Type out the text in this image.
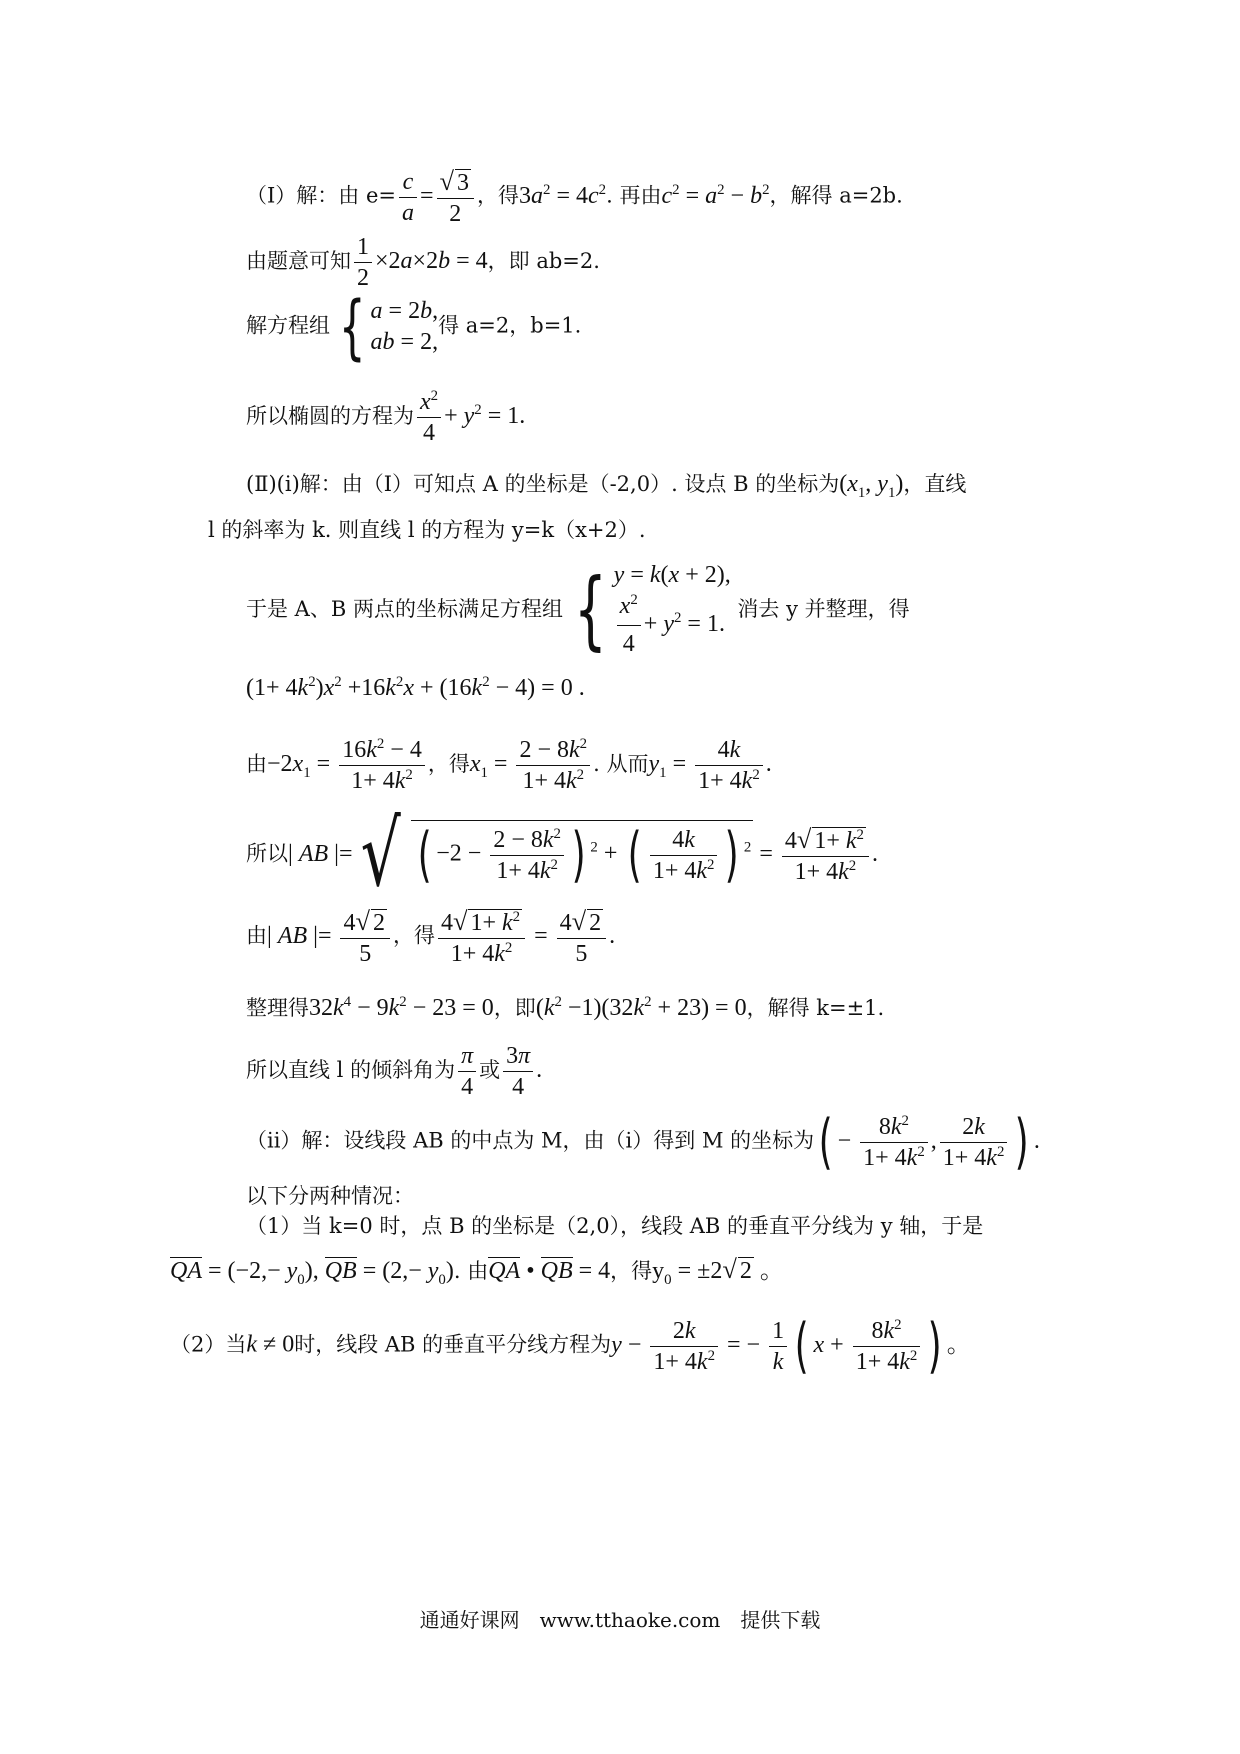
（Ⅰ）解：由 $e= \frac{c}{a} = \frac{√ 3}{2}$ ，得$3a^2 = 4c^2$. 再由$c^2 = a^2 - b^2$，解得 a=2b.
由题意可知 $\frac{1}{2} \times 2a\times 2b = 4$，即 ab=2.
解方程组 { a = 2b,
ab = 2,
得 a=2，b=1.
所以椭圆的方程为 $\frac{x^2}{4} + y^2 = 1$.
(Ⅱ)(i)解：由（Ⅰ）可知点 A 的坐标是（-2,0）. 设点 B 的坐标为($x_1$, $y_1$)，直线
l 的斜率为 k. 则直线 l 的方程为 y=k（x+2）.
于是 A、B 两点的坐标满足方程组 { y = k(x + 2),
$\frac{x^2}{4} + y^2 = 1$.
消去 y 并整理，得
$(1+ 4k^2)x^2 +16k^2x + (16k^2 - 4) = 0$ .
由$-2x_1 = \frac{16k^2 - 4}{1+ 4k^2}$ ，得$x_1 = \frac{2 - 8k^2}{1+ 4k^2}$ . 从而$y_1 = \frac{4k}{1+ 4k^2}$ .
所以| AB |=√ ( $-2 - \frac{2 - 8k^2}{1+ 4k^2}$ ) $^2$ + ( $\frac{4k}{1+ 4k^2}$ ) $^2 = \frac{4√ 1+ k^2}{1+ 4k^2}$ .
由| AB |= $\frac{4√ 2}{5}$ ，得 $\frac{4√ 1+ k^2}{1+ 4k^2} = \frac{4√ 2}{5}$ .
整理得$32k^4 - 9k^2 - 23 = 0$，即$(k^2 -1)(32k^2 + 23) = 0$，解得 k=±1.
所以直线 l 的倾斜角为 $\frac{\pi}{4}$ 或 $\frac{3\pi}{4}$ .
（ii）解：设线段 AB 的中点为 M，由（i）得到 M 的坐标为( − $\frac{8k^2}{1+ 4k^2}$ , $\frac{2k}{1+ 4k^2}$ ) .
以下分两种情况：
（1）当 k=0 时，点 B 的坐标是（2,0），线段 AB 的垂直平分线为 y 轴，于是
QA = $(-2,- y_0)$, QB = $(2,- y_0)$. 由QA • QB = 4，得$y_0 = \pm 2√$ 2 。
（2）当k ≠ 0时，线段 AB 的垂直平分线方程为$y - \frac{2k}{1+ 4k^2}$ = − $\frac{1}{k}$ ( $x + \frac{8k^2}{1+ 4k^2}$ ) 。
通通好课网　www.tthaoke.com　提供下载
